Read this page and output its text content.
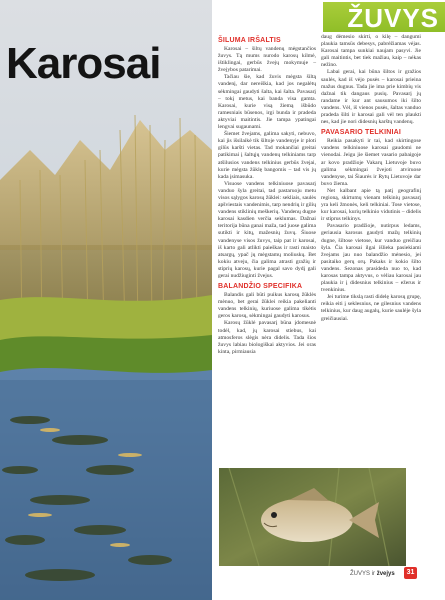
Karosai
ŽUVYS
ŠILUMA IRŠALTIS

Karosai – šiltų vandenų mėgstančios žuvys. Tą mums nurodo karosų kilmė, ištiklingai, gerbūs žvejų mokymuje – žvejybos patarimai.

Tačiau šie, kad žuvis mėgsta šiltą vandenį, dar nereiškia, kad jos negalėtų sėkmingai gaudyti šalta, kai šalta. Pavasarį – tokį metus, kai banda visa gamta. Karosai, kurie visą žiemą išbūdo ramesniais būsenos, irgi bunda ir pradeda aktyviai maitintis. Jie tampa ypatingai lengvai sugaunami.

Šiemet žvejams, galima sakyti, nebuvo, kai jis išsilaikė tik šiltoje vandenyje ir ploti gilūs karšti vietas. Tad mokančiai greitai patikimai į šaltųjų vandenų telkiniams tarp atšilusios vandens telkinius gerbūs žvejai, kurie mėgsta žūklę bangomis – tad vis jų kada įsimasuka.

Visuose vandens telkiniuose pavasarį vanduo šyla greitai, tad pastaruoju metu visos sąlygos karosų žūklei: sekliais, saulės apšviestais vandenimis, tarp nendrių ir gilių vandens stiklinių meškerių. Vandenų dugne karosai kasdien verčia seklumas. Dažnai teritorija būna ganai maža, tad juose galima sutikti ir kitų, mažesnių žuvų. Šiuose vandenyse visos žuvys, taip pat ir karosai, iš karto gali atlikti paieškas ir rasti maisto atsargų, ypač jų mėgstamų moliuskų. Bet kokiu atveju, čia galima atrasti gražių ir stiprių karosų, kurie pagal savo dydį gali gerai nudžiuginti žvejus.

BALANDŽIO SPECIFIKA

Balandis gali būti puikus karosų žūklės mėnuo, bet gerai žūklei reikia pakelianti vandens telkinių, kuriuose galima tikėtis geros karosų, sėkmingai gaudyti karosus.

Karosų žūklė pavasarį būna įdomesnė todėl, kad, jų karosai stiebus, kai atmosferos slėgis nėra didelis. Tada šios žuvys labiau biologiškai aktyvios. Jei oras kinta, pirmiausia

daug dėmesio skirti, o kilę – dangumi plaukia tamsūs debesys, pabrėžiamas vėjas. Karosai tampa sunkiai naujam pasyvi. Jie gali maitintis, bet tiek mažiau, kaip – nėkas nežino.

Labai gerai, kai būna šiltos ir gražios saulės, kad iš vėjo pusės – karosai prieina mažus dugnus. Tada jie ima prie kimbių vis dažnai tik dangaus pusių. Pavasarį jų randame ir kur ant sausumos iki šilto vandens. Vėl, iš vienos pusės, šaltas vanduo pradeda šilti ir karosai gali vėl ten plaukti nes, kad jie nori didesnių karštų vandenų.

PAVASARIO TELKINIAI

Reikia pasakyti ir tai, kad skirtingose vandens telkiniuose karosai gaudomi ne vienodai. Jeigu jie šiemet vasario pabaigoje ar kovo pradžioje Vakarų Lietuvoje buvo galima sėkmingai žvejoti atviruose vandenyse, tai Šiaurės ir Rytų Lietuvoje dar buvo žiema.

Net kalbant apie tą patį geografinį regioną, skirtumų vienam telkinių pavasarį yra keli žmonės, keli telkiniai. Tose vietose, kur karosai, kurių telkinio vidutinis – didelis ir stiprus telkinys.

Pavasario pradžioje, nutirpus ledams, geriausia karosus gaudyti mažų telkinių dugne, šiltose vietose, kur vanduo greičiau šyla. Čia karosai ilgai išlieka pasiekiami žvejams jau nuo balandžio mėnesio, jei pasitaiko gerų orų. Pakaks ir kokio šilto vandens. Sezonas prasideda nuo to, kad karosas tampa aktyvus, o vėliau karosai jau plaukia ir į didesnius telkinius – ežerus ir tvenkinius.

Jei turime tikslą rasti didelę karosų grupę, reikia eiti į seklesnius, ne gilesnius vandens telkinius, kur daug augalų, kurie saulėje šyla greičiausiai.

ŽUVYS ir žvejys	31
